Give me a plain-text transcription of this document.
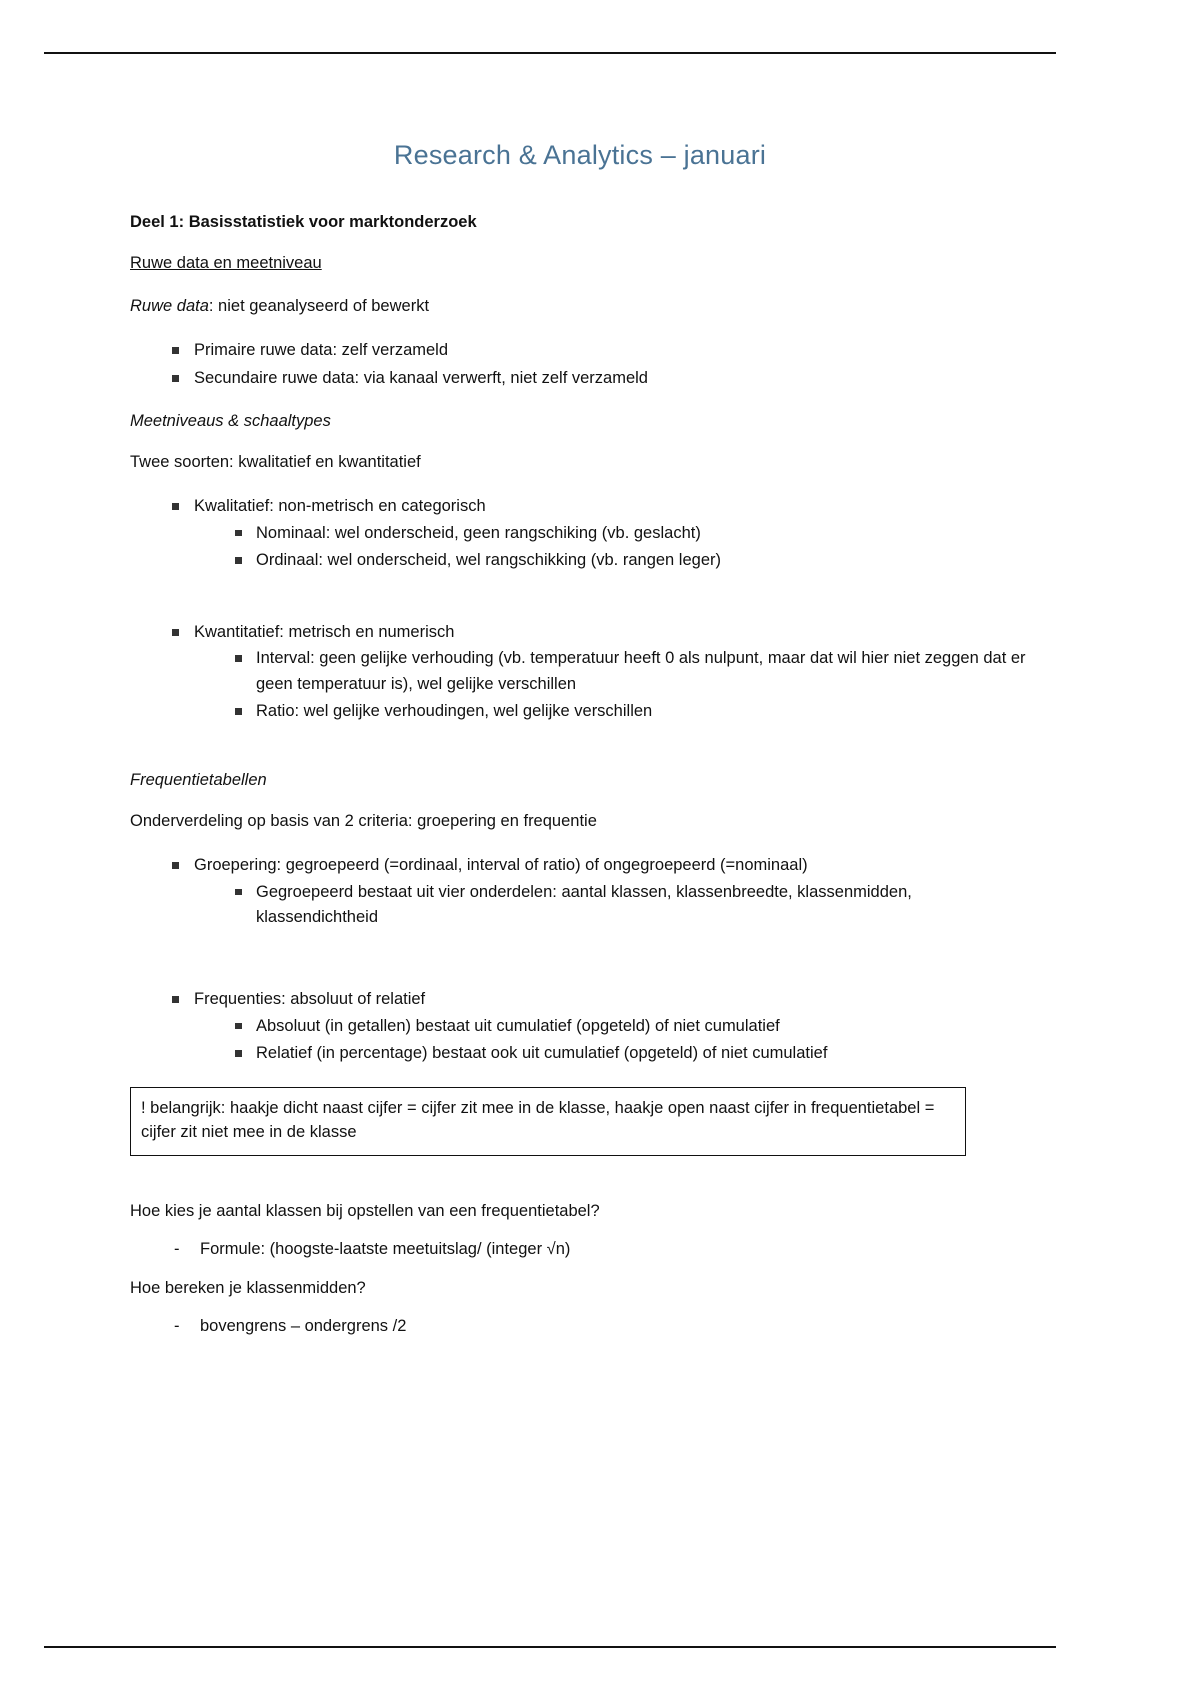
Research & Analytics – januari

Deel 1: Basisstatistiek voor marktonderzoek

Ruwe data en meetniveau

Ruwe data: niet geanalyseerd of bewerkt

Primaire ruwe data: zelf verzameld
Secundaire ruwe data: via kanaal verwerft, niet zelf verzameld

Meetniveaus & schaaltypes

Twee soorten: kwalitatief en kwantitatief

Kwalitatief: non-metrisch en categorisch
Nominaal: wel onderscheid, geen rangschiking (vb. geslacht)
Ordinaal: wel onderscheid, wel rangschikking (vb. rangen leger)
Kwantitatief: metrisch en numerisch
Interval: geen gelijke verhouding (vb. temperatuur heeft 0 als nulpunt, maar dat wil hier niet zeggen dat er geen temperatuur is), wel gelijke verschillen
Ratio: wel gelijke verhoudingen, wel gelijke verschillen

Frequentietabellen

Onderverdeling op basis van 2 criteria: groepering en frequentie

Groepering: gegroepeerd (=ordinaal, interval of ratio) of ongegroepeerd (=nominaal)
Gegroepeerd bestaat uit vier onderdelen: aantal klassen, klassenbreedte, klassenmidden, klassendichtheid
Frequenties: absoluut of relatief
Absoluut (in getallen) bestaat uit cumulatief (opgeteld) of niet cumulatief
Relatief (in percentage) bestaat ook uit cumulatief (opgeteld) of niet cumulatief
! belangrijk: haakje dicht naast cijfer = cijfer zit mee in de klasse, haakje open naast cijfer in frequentietabel = cijfer zit niet mee in de klasse

Hoe kies je aantal klassen bij opstellen van een frequentietabel?

- Formule: (hoogste-laatste meetuitslag/ (integer √n)

Hoe bereken je klassenmidden?

- bovengrens – ondergrens /2
